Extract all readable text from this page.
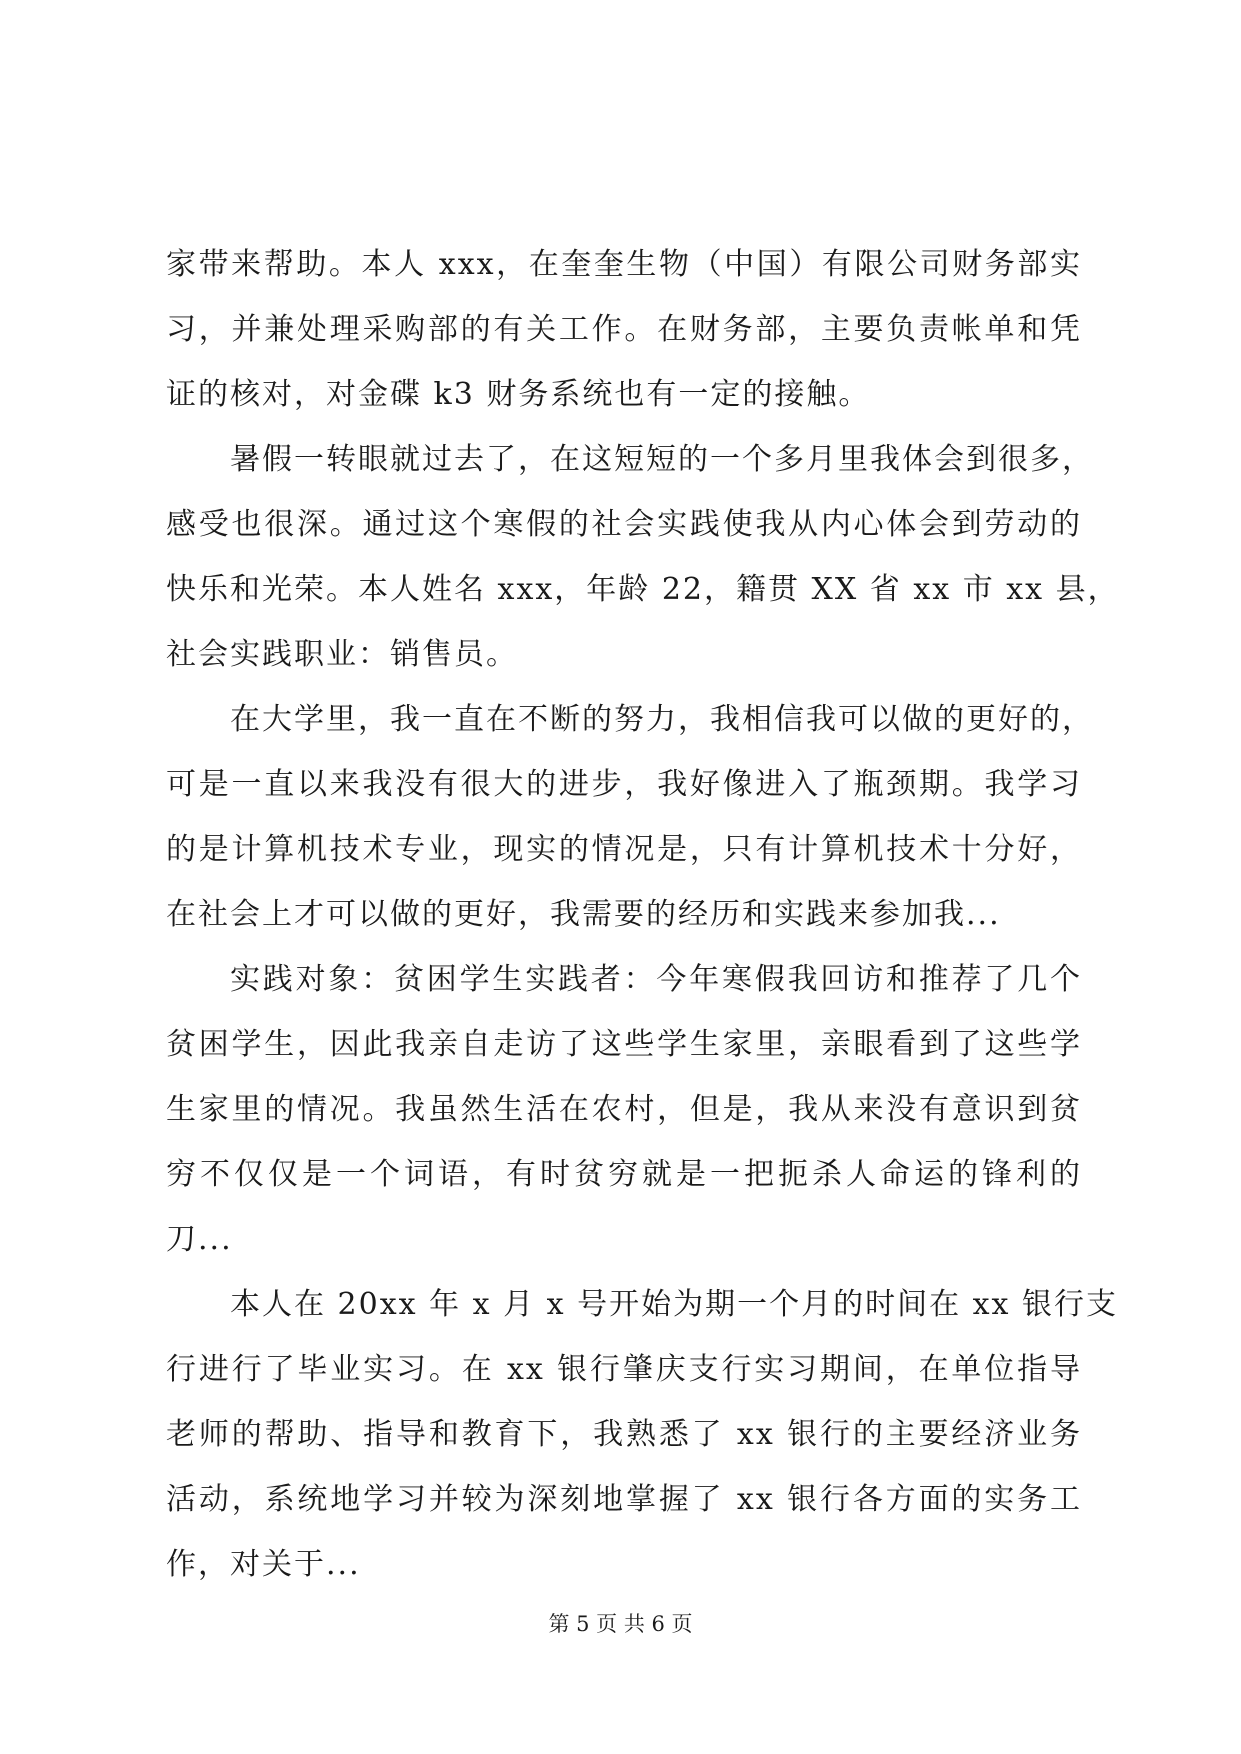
家带来帮助。本人 xxx，在奎奎生物（中国）有限公司财务部实
习，并兼处理采购部的有关工作。在财务部，主要负责帐单和凭
证的核对，对金碟 k3 财务系统也有一定的接触。
暑假一转眼就过去了，在这短短的一个多月里我体会到很多，
感受也很深。通过这个寒假的社会实践使我从内心体会到劳动的
快乐和光荣。本人姓名 xxx，年龄 22，籍贯 XX 省 xx 市 xx 县，
社会实践职业：销售员。
在大学里，我一直在不断的努力，我相信我可以做的更好的，
可是一直以来我没有很大的进步，我好像进入了瓶颈期。我学习
的是计算机技术专业，现实的情况是，只有计算机技术十分好，
在社会上才可以做的更好，我需要的经历和实践来参加我...
实践对象：贫困学生实践者：今年寒假我回访和推荐了几个
贫困学生，因此我亲自走访了这些学生家里，亲眼看到了这些学
生家里的情况。我虽然生活在农村，但是，我从来没有意识到贫
穷不仅仅是一个词语，有时贫穷就是一把扼杀人命运的锋利的
刀...
本人在 20xx 年 x 月 x 号开始为期一个月的时间在 xx 银行支
行进行了毕业实习。在 xx 银行肇庆支行实习期间，在单位指导
老师的帮助、指导和教育下，我熟悉了 xx 银行的主要经济业务
活动，系统地学习并较为深刻地掌握了 xx 银行各方面的实务工
作，对关于...
第 5 页 共 6 页
